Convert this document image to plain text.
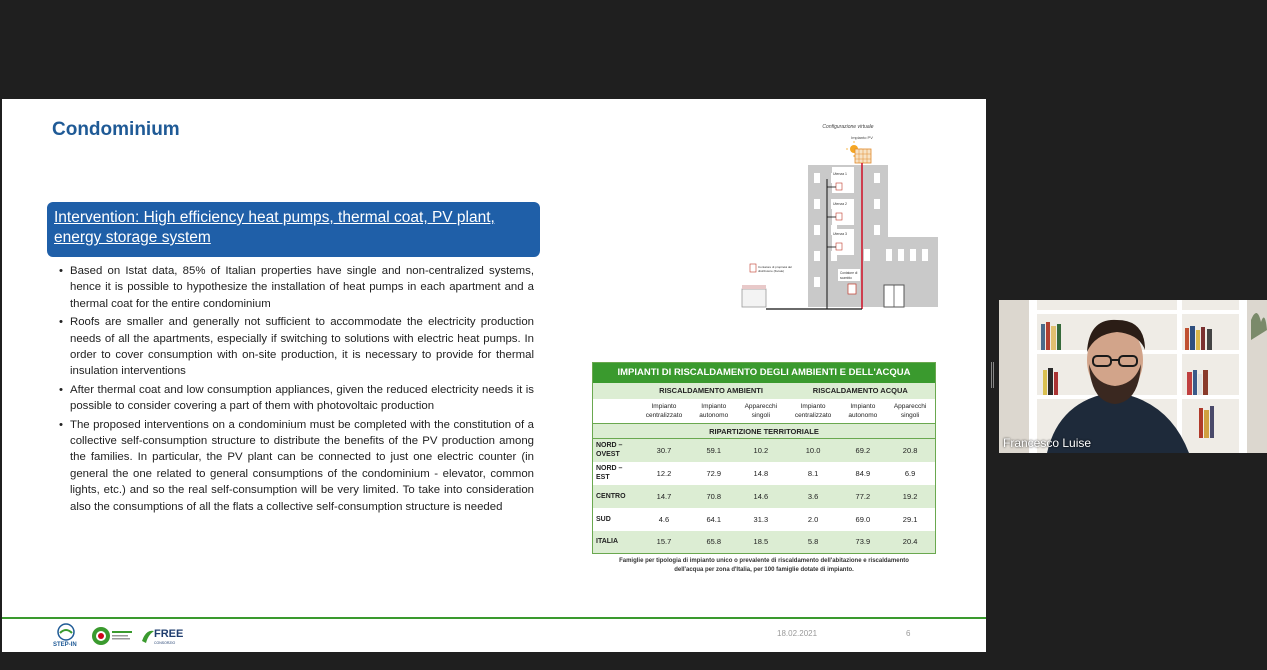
Condominium
Intervention: High efficiency heat pumps, thermal coat, PV plant,
energy storage system
• Based on Istat data, 85% of Italian properties have single and non-centralized systems, hence it is possible to hypothesize the installation of heat pumps in each apartment and a thermal coat for the entire condominium
• Roofs are smaller and generally not sufficient to accommodate the electricity production needs of all the apartments, especially if switching to solutions with electric heat pumps. In order to cover consumption with on-site production, it is necessary to provide for thermal insulation interventions
• After thermal coat and low consumption appliances, given the reduced electricity needs it is possible to consider covering a part of them with photovoltaic production
• The proposed interventions on a condominium must be completed with the constitution of a collective self-consumption structure to distribute the benefits of the PV production among the families. In particular, the PV plant can be connected to just one electric counter (in general the one related to general consumptions of the condominium - elevator, common lights, etc.) and so the real self-consumption will be very limited. To take into consideration also the consumptions of all the flats a collective self-consumption structure is needed
Configurazione virtuale
Impianto PV
Utenza 1
Utenza 2
Utenza 3
Contatore di proprietà del
distributore (fiscale)	Contatore di
scambio
IMPIANTI DI RISCALDAMENTO DEGLI AMBIENTI E DELL'ACQUA						
	RISCALDAMENTO AMBIENTI			RISCALDAMENTO ACQUA		
	Impianto
centralizzato	Impianto
autonomo	Apparecchi
singoli	Impianto
centralizzato	Impianto
autonomo	Apparecchi
singoli
RIPARTIZIONE TERRITORIALE						
NORD –
OVEST	30.7	59.1	10.2	10.0	69.2	20.8
NORD –
EST	12.2	72.9	14.8	8.1	84.9	6.9
CENTRO	14.7	70.8	14.6	3.6	77.2	19.2
SUD	4.6	64.1	31.3	2.0	69.0	29.1
ITALIA	15.7	65.8	18.5	5.8	73.9	20.4
Famiglie per tipologia di impianto unico o prevalente di riscaldamento dell'abitazione e riscaldamento
dell'acqua per zona d'Italia, per 100 famiglie dotate di impianto.
STEP-IN
FREE
CONSORZIO
18.02.2021	6
Francesco Luise
